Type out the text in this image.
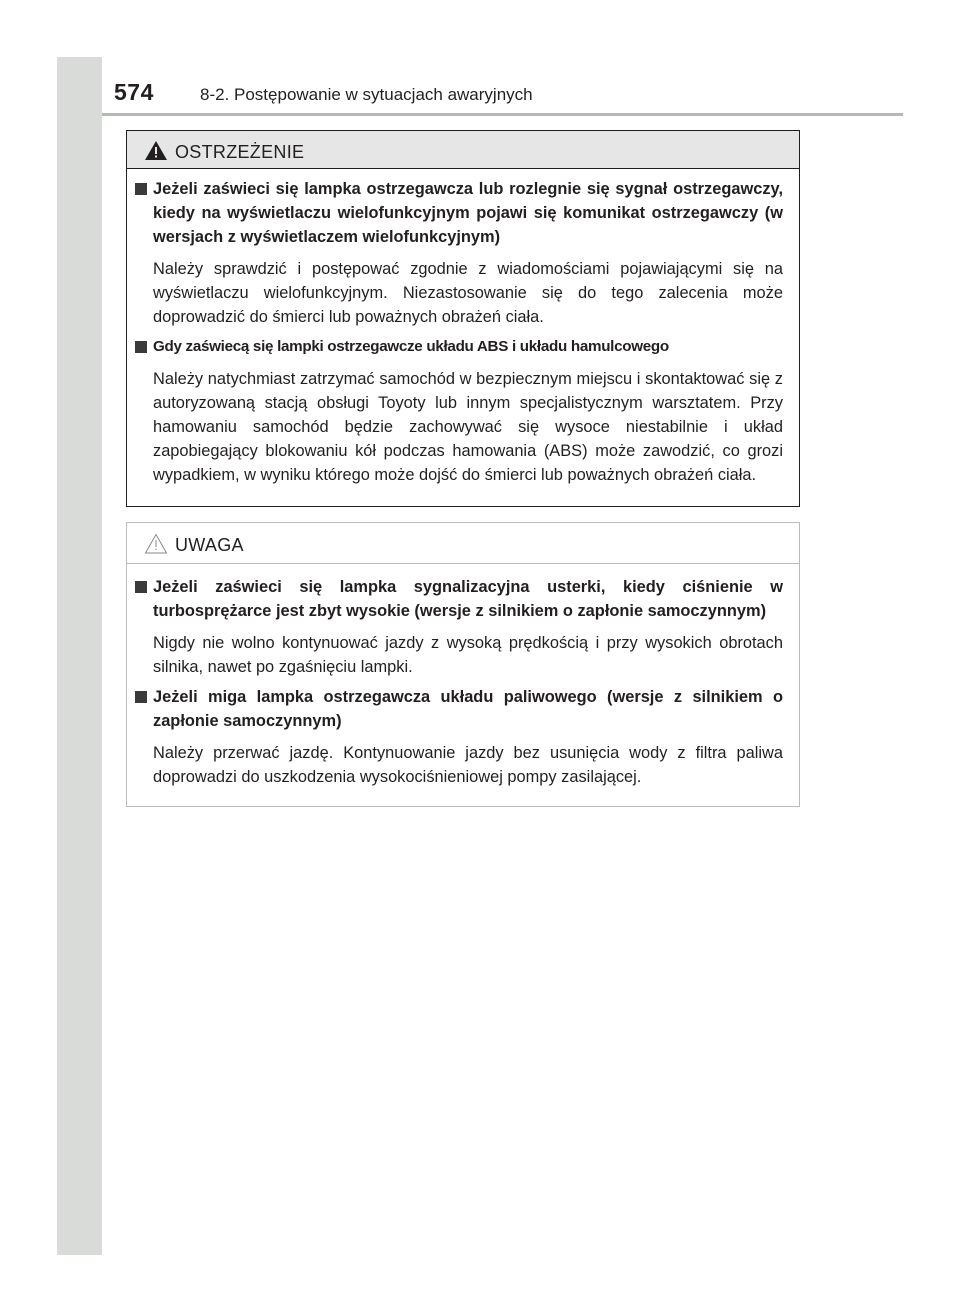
574	8-2. Postępowanie w sytuacjach awaryjnych
OSTRZEŻENIE
Jeżeli zaświeci się lampka ostrzegawcza lub rozlegnie się sygnał ostrzegawczy, kiedy na wyświetlaczu wielofunkcyjnym pojawi się komunikat ostrzegawczy (w wersjach z wyświetlaczem wielofunkcyjnym)
Należy sprawdzić i postępować zgodnie z wiadomościami pojawiającymi się na wyświetlaczu wielofunkcyjnym. Niezastosowanie się do tego zalecenia może doprowadzić do śmierci lub poważnych obrażeń ciała.
Gdy zaświecą się lampki ostrzegawcze układu ABS i układu hamulcowego
Należy natychmiast zatrzymać samochód w bezpiecznym miejscu i skontaktować się z autoryzowaną stacją obsługi Toyoty lub innym specjalistycznym warsztatem. Przy hamowaniu samochód będzie zachowywać się wysoce niestabilnie i układ zapobiegający blokowaniu kół podczas hamowania (ABS) może zawodzić, co grozi wypadkiem, w wyniku którego może dojść do śmierci lub poważnych obrażeń ciała.
UWAGA
Jeżeli zaświeci się lampka sygnalizacyjna usterki, kiedy ciśnienie w turbosprężarce jest zbyt wysokie (wersje z silnikiem o zapłonie samoczynnym)
Nigdy nie wolno kontynuować jazdy z wysoką prędkością i przy wysokich obrotach silnika, nawet po zgaśnięciu lampki.
Jeżeli miga lampka ostrzegawcza układu paliwowego (wersje z silnikiem o zapłonie samoczynnym)
Należy przerwać jazdę. Kontynuowanie jazdy bez usunięcia wody z filtra paliwa doprowadzi do uszkodzenia wysokociśnieniowej pompy zasilającej.
